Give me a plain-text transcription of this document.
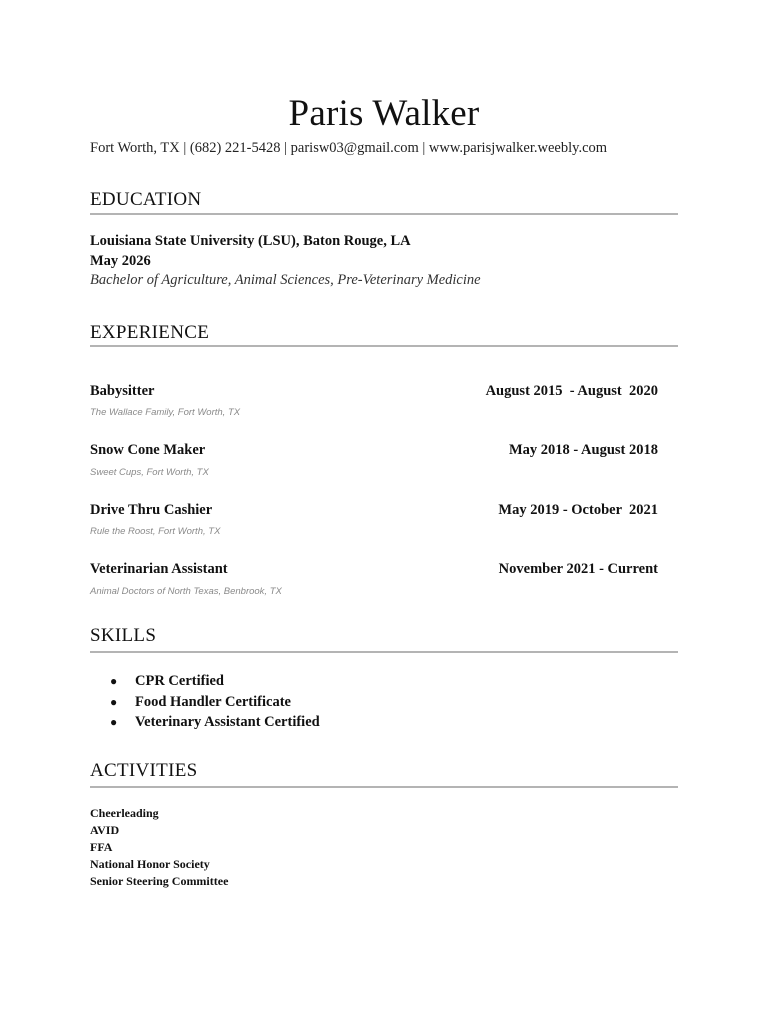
Paris Walker
Fort Worth, TX | (682) 221-5428 | parisw03@gmail.com | www.parisjwalker.weebly.com
EDUCATION
Louisiana State University (LSU), Baton Rouge, LA
May 2026
Bachelor of Agriculture, Animal Sciences, Pre-Veterinary Medicine
EXPERIENCE
Babysitter	August 2015  - August  2020
The Wallace Family, Fort Worth, TX
Snow Cone Maker	May 2018 - August 2018
Sweet Cups, Fort Worth, TX
Drive Thru Cashier	May 2019 - October  2021
Rule the Roost, Fort Worth, TX
Veterinarian Assistant	November 2021 - Current
Animal Doctors of North Texas, Benbrook, TX
SKILLS
● CPR Certified
● Food Handler Certificate
● Veterinary Assistant Certified
ACTIVITIES
Cheerleading
AVID
FFA
National Honor Society
Senior Steering Committee
